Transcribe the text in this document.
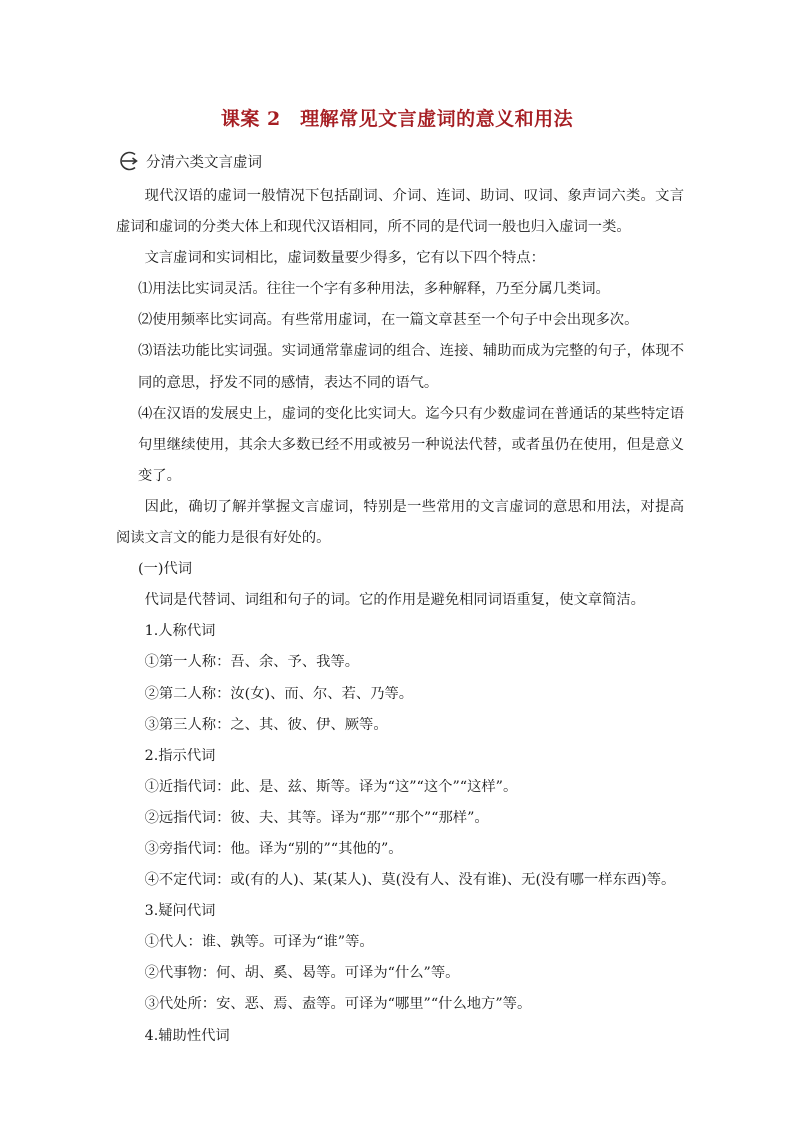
课案 2　理解常见文言虚词的意义和用法
分清六类文言虚词

现代汉语的虚词一般情况下包括副词、介词、连词、助词、叹词、象声词六类。文言虚词和虚词的分类大体上和现代汉语相同，所不同的是代词一般也归入虚词一类。

文言虚词和实词相比，虚词数量要少得多，它有以下四个特点：

⑴用法比实词灵活。往往一个字有多种用法，多种解释，乃至分属几类词。

⑵使用频率比实词高。有些常用虚词，在一篇文章甚至一个句子中会出现多次。

⑶语法功能比实词强。实词通常靠虚词的组合、连接、辅助而成为完整的句子，体现不同的意思，抒发不同的感情，表达不同的语气。

⑷在汉语的发展史上，虚词的变化比实词大。迄今只有少数虚词在普通话的某些特定语句里继续使用，其余大多数已经不用或被另一种说法代替，或者虽仍在使用，但是意义变了。

因此，确切了解并掌握文言虚词，特别是一些常用的文言虚词的意思和用法，对提高阅读文言文的能力是很有好处的。

(一)代词

代词是代替词、词组和句子的词。它的作用是避免相同词语重复，使文章简洁。

1.人称代词

①第一人称：吾、余、予、我等。

②第二人称：汝(女)、而、尔、若、乃等。

③第三人称：之、其、彼、伊、厥等。

2.指示代词

①近指代词：此、是、兹、斯等。译为“这”“这个”“这样”。

②远指代词：彼、夫、其等。译为“那”“那个”“那样”。

③旁指代词：他。译为“别的”“其他的”。

④不定代词：或(有的人)、某(某人)、莫(没有人、没有谁)、无(没有哪一样东西)等。

3.疑问代词

①代人：谁、孰等。可译为“谁”等。

②代事物：何、胡、奚、曷等。可译为“什么”等。

③代处所：安、恶、焉、盍等。可译为“哪里”“什么地方”等。

4.辅助性代词
